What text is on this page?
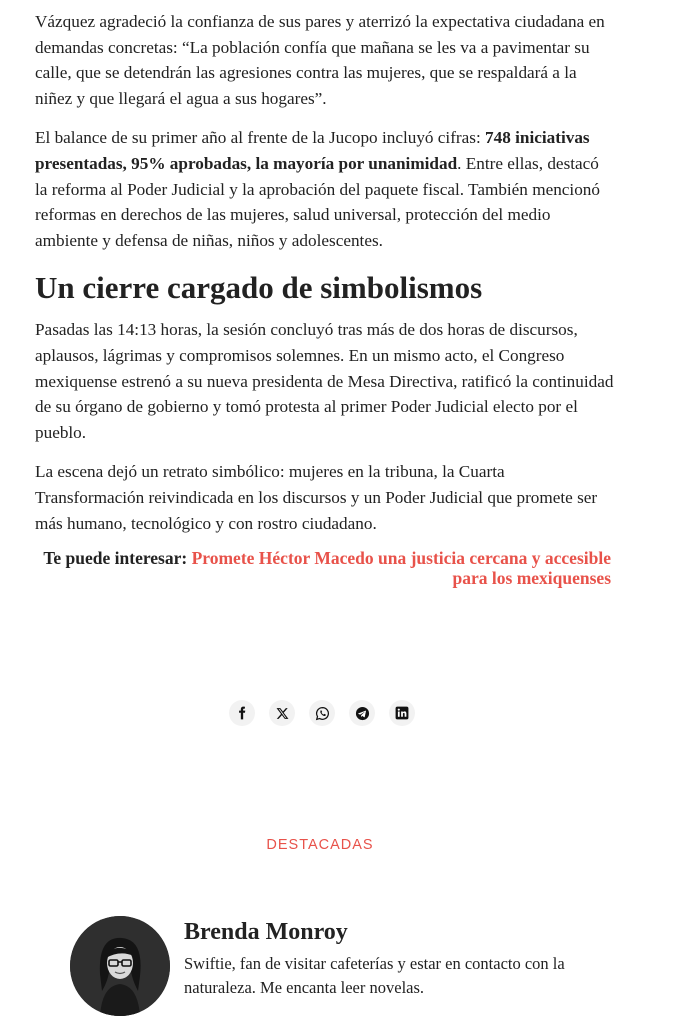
Vázquez agradeció la confianza de sus pares y aterrizó la expectativa ciudadana en demandas concretas: “La población confía que mañana se les va a pavimentar su calle, que se detendrán las agresiones contra las mujeres, que se respaldará a la niñez y que llegará el agua a sus hogares”.

El balance de su primer año al frente de la Jucopo incluyó cifras: 748 iniciativas presentadas, 95% aprobadas, la mayoría por unanimidad. Entre ellas, destacó la reforma al Poder Judicial y la aprobación del paquete fiscal. También mencionó reformas en derechos de las mujeres, salud universal, protección del medio ambiente y defensa de niñas, niños y adolescentes.

Un cierre cargado de simbolismos

Pasadas las 14:13 horas, la sesión concluyó tras más de dos horas de discursos, aplausos, lágrimas y compromisos solemnes. En un mismo acto, el Congreso mexiquense estrenó a su nueva presidenta de Mesa Directiva, ratificó la continuidad de su órgano de gobierno y tomó protesta al primer Poder Judicial electo por el pueblo.

La escena dejó un retrato simbólico: mujeres en la tribuna, la Cuarta Transformación reivindicada en los discursos y un Poder Judicial que promete ser más humano, tecnológico y con rostro ciudadano.

Te puede interesar: Promete Héctor Macedo una justicia cercana y accesible para los mexiquenses
DESTACADAS
Brenda Monroy

Swiftie, fan de visitar cafeterías y estar en contacto con la naturaleza. Me encanta leer novelas.
